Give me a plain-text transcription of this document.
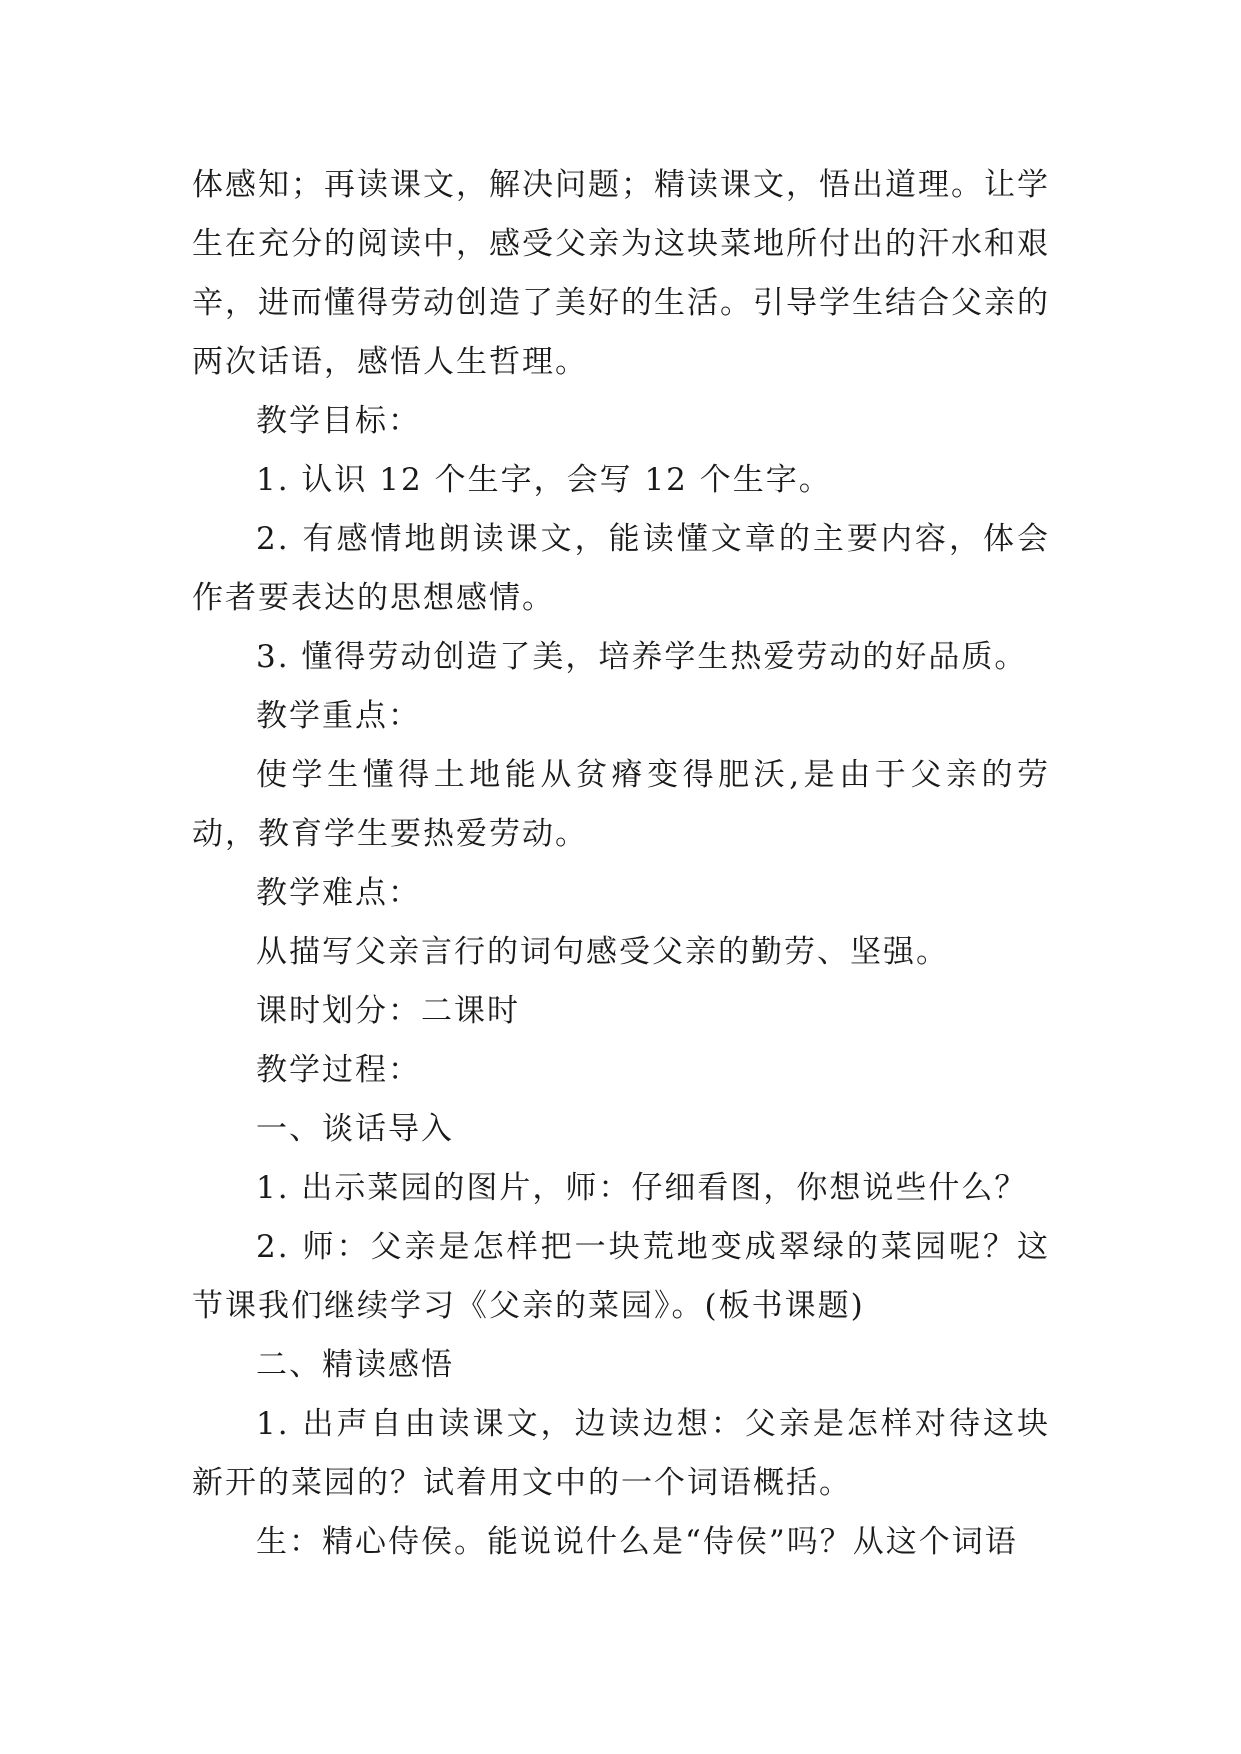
体感知；再读课文，解决问题；精读课文，悟出道理。让学生在充分的阅读中，感受父亲为这块菜地所付出的汗水和艰辛，进而懂得劳动创造了美好的生活。引导学生结合父亲的两次话语，感悟人生哲理。

教学目标：

1. 认识 12 个生字，会写 12 个生字。

2. 有感情地朗读课文，能读懂文章的主要内容，体会作者要表达的思想感情。

3. 懂得劳动创造了美，培养学生热爱劳动的好品质。

教学重点：

使学生懂得土地能从贫瘠变得肥沃,是由于父亲的劳动，教育学生要热爱劳动。

教学难点：

从描写父亲言行的词句感受父亲的勤劳、坚强。

课时划分：二课时

教学过程：

一、谈话导入

1. 出示菜园的图片，师：仔细看图，你想说些什么？

2. 师：父亲是怎样把一块荒地变成翠绿的菜园呢？这节课我们继续学习《父亲的菜园》。(板书课题)

二、精读感悟

1. 出声自由读课文，边读边想：父亲是怎样对待这块新开的菜园的？试着用文中的一个词语概括。

生：精心侍侯。能说说什么是“侍侯”吗？从这个词语
